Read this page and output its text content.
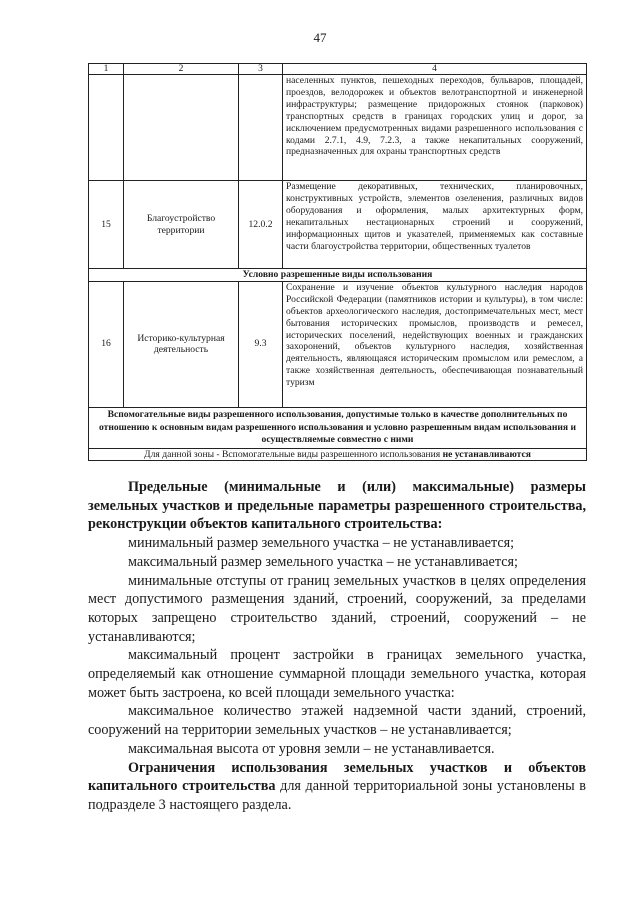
47
1	2	3	4
			населенных пунктов, пешеходных переходов, бульваров, площадей, проездов, велодорожек и объектов велотранспортной и инженерной инфраструктуры; размещение придорожных стоянок (парковок) транспортных средств в границах городских улиц и дорог, за исключением предусмотренных видами разрешенного использования с кодами 2.7.1, 4.9, 7.2.3, а также некапитальных сооружений, предназначенных для охраны транспортных средств
15	Благоустройство территории	12.0.2	Размещение декоративных, технических, планировочных, конструктивных устройств, элементов озеленения, различных видов оборудования и оформления, малых архитектурных форм, некапитальных нестационарных строений и сооружений, информационных щитов и указателей, применяемых как составные части благоустройства территории, общественных туалетов
Условно разрешенные виды использования			
16	Историко-культурная деятельность	9.3	Сохранение и изучение объектов культурного наследия народов Российской Федерации (памятников истории и культуры), в том числе: объектов археологического наследия, достопримечательных мест, мест бытования исторических промыслов, производств и ремесел, исторических поселений, недействующих военных и гражданских захоронений, объектов культурного наследия, хозяйственная деятельность, являющаяся историческим промыслом или ремеслом, а также хозяйственная деятельность, обеспечивающая познавательный туризм
Вспомогательные виды разрешенного использования, допустимые только в качестве дополнительных по отношению к основным видам разрешенного использования и условно разрешенным видам использования и осуществляемые совместно с ними			
Для данной зоны - Вспомогательные виды разрешенного использования не устанавливаются			

Предельные (минимальные и (или) максимальные) размеры земельных участков и предельные параметры разрешенного строительства, реконструкции объектов капитального строительства:

минимальный размер земельного участка – не устанавливается;

максимальный размер земельного участка – не устанавливается;

минимальные отступы от границ земельных участков в целях определения мест допустимого размещения зданий, строений, сооружений, за пределами которых запрещено строительство зданий, строений, сооружений – не устанавливаются;

максимальный процент застройки в границах земельного участка, определяемый как отношение суммарной площади земельного участка, которая может быть застроена, ко всей площади земельного участка:

максимальное количество этажей надземной части зданий, строений, сооружений на территории земельных участков – не устанавливается;

максимальная высота от уровня земли – не устанавливается.

Ограничения использования земельных участков и объектов капитального строительства для данной территориальной зоны установлены в подразделе 3 настоящего раздела.
